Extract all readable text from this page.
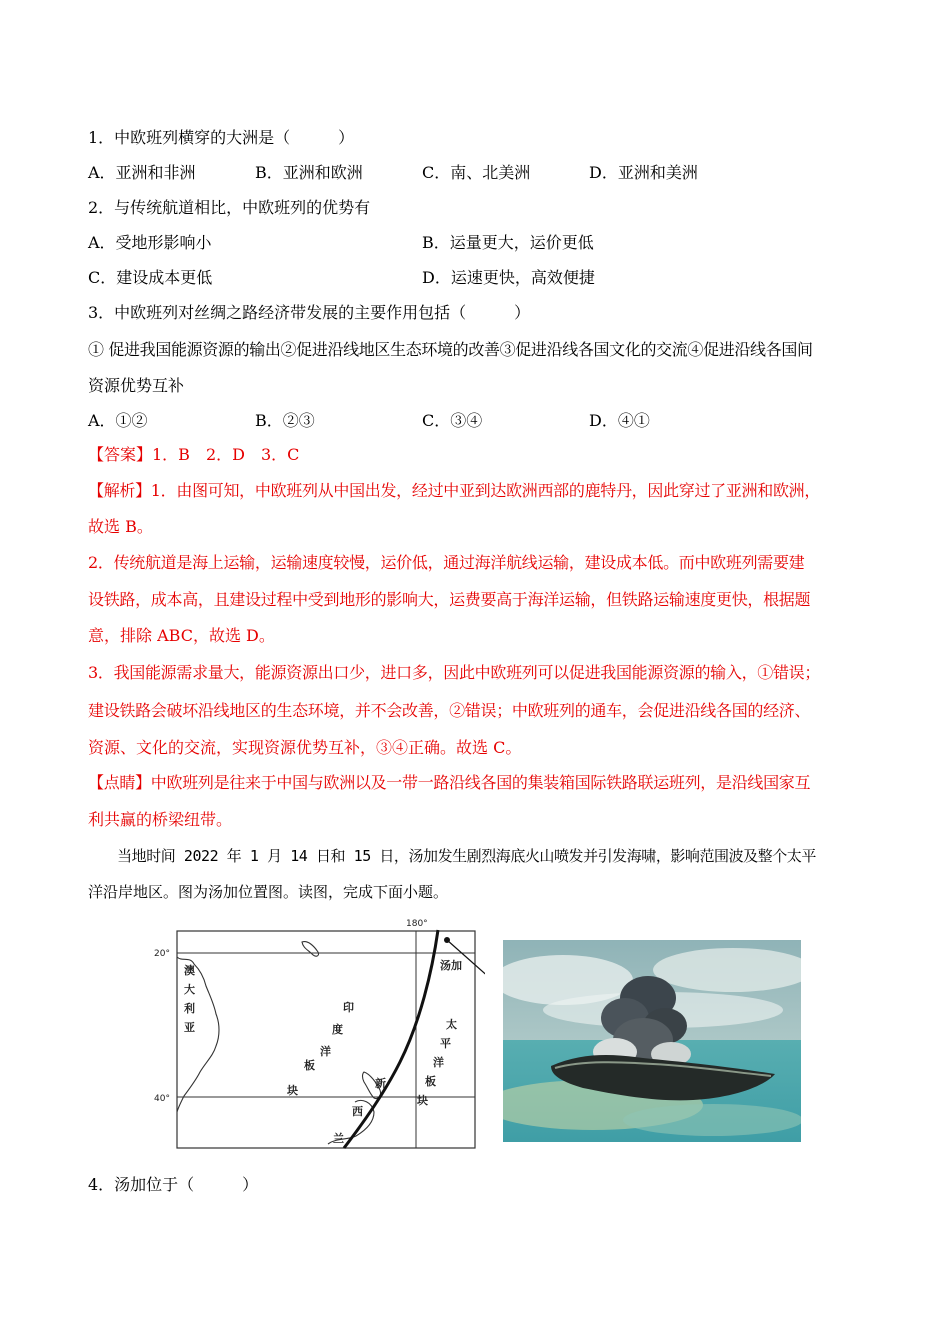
1．中欧班列横穿的大洲是（　　　）
A．亚洲和非洲	B．亚洲和欧洲	C．南、北美洲	D．亚洲和美洲
2．与传统航道相比，中欧班列的优势有
A．受地形影响小	B．运量更大，运价更低
C．建设成本更低	D．运速更快，高效便捷
3．中欧班列对丝绸之路经济带发展的主要作用包括（　　　）
① 促进我国能源资源的输出②促进沿线地区生态环境的改善③促进沿线各国文化的交流④促进沿线各国间
资源优势互补
A．①②	B．②③	C．③④	D．④①
【答案】1．B　2．D　3．C
【解析】1．由图可知，中欧班列从中国出发，经过中亚到达欧洲西部的鹿特丹，因此穿过了亚洲和欧洲，
故选 B。
2．传统航道是海上运输，运输速度较慢，运价低，通过海洋航线运输，建设成本低。而中欧班列需要建
设铁路，成本高，且建设过程中受到地形的影响大，运费要高于海洋运输，但铁路运输速度更快，根据题
意，排除 ABC，故选 D。
3．我国能源需求量大，能源资源出口少，进口多，因此中欧班列可以促进我国能源资源的输入，①错误；
建设铁路会破坏沿线地区的生态环境，并不会改善，②错误；中欧班列的通车，会促进沿线各国的经济、
资源、文化的交流，实现资源优势互补，③④正确。故选 C。
【点睛】中欧班列是往来于中国与欧洲以及一带一路沿线各国的集装箱国际铁路联运班列，是沿线国家互
利共赢的桥梁纽带。
　　当地时间 2022 年 1 月 14 日和 15 日，汤加发生剧烈海底火山喷发并引发海啸，影响范围波及整个太平
洋沿岸地区。图为汤加位置图。读图，完成下面小题。
20°
40°
180°
汤加
澳
大
利
亚
印
度
洋
板
块
太
平
洋
板
块
新
西
兰
4．汤加位于（　　　）
